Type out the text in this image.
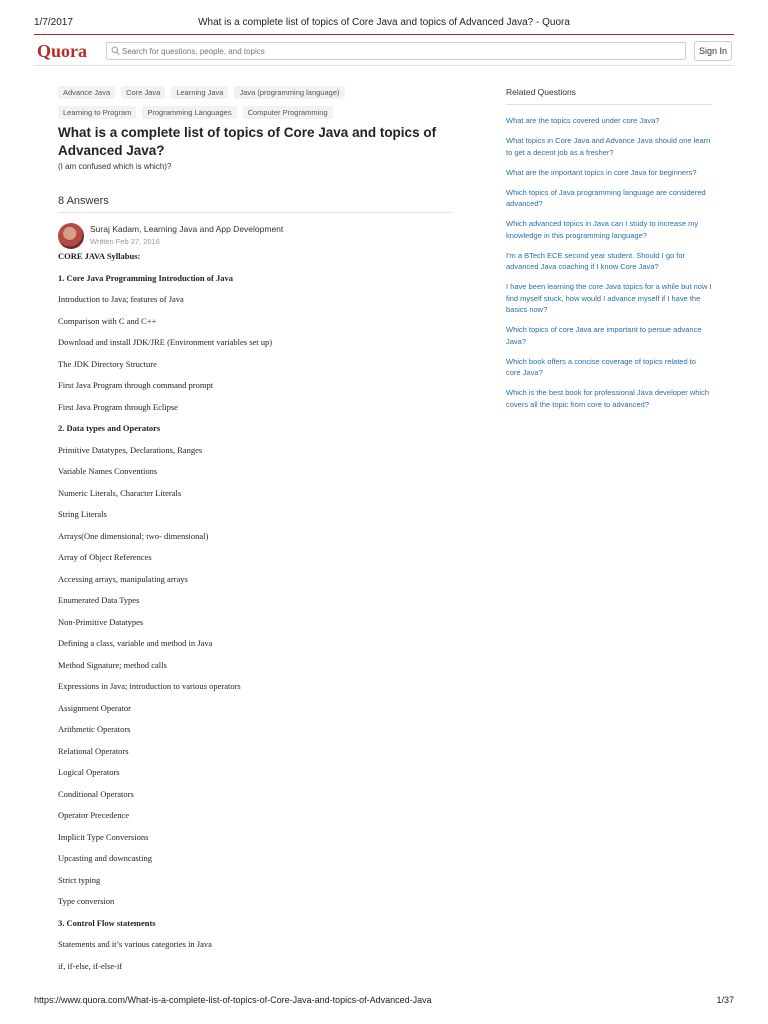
1/7/2017	What is a complete list of topics of Core Java and topics of Advanced Java? - Quora
Quora
Search for questions, people, and topics	Sign In
Advance Java	Core Java	Learning Java	Java (programming language)
Learning to Program	Programming Languages	Computer Programming
What is a complete list of topics of Core Java and topics of Advanced Java?
(I am confused which is which)?
8 Answers
Suraj Kadam, Learning Java and App Development
Written Feb 27, 2016
CORE JAVA Syllabus:
1. Core Java Programming Introduction of Java
Introduction to Java; features of Java
Comparison with C and C++
Download and install JDK/JRE (Environment variables set up)
The JDK Directory Structure
First Java Program through command prompt
First Java Program through Eclipse
2. Data types and Operators
Primitive Datatypes, Declarations, Ranges
Variable Names Conventions
Numeric Literals, Character Literals
String Literals
Arrays(One dimensional; two- dimensional)
Array of Object References
Accessing arrays, manipulating arrays
Enumerated Data Types
Non-Primitive Datatypes
Defining a class, variable and method in Java
Method Signature; method calls
Expressions in Java; introduction to various operators
Assignment Operator
Arithmetic Operators
Relational Operators
Logical Operators
Conditional Operators
Operator Precedence
Implicit Type Conversions
Upcasting and downcasting
Strict typing
Type conversion
3. Control Flow statements
Statements and it’s various categories in Java
if, if-else, if-else-if
Related Questions
What are the topics covered under core Java?
What topics in Core Java and Advance Java should one learn to get a decent job as a fresher?
What are the important topics in core Java for beginners?
Which topics of Java programming language are considered advanced?
Which advanced topics in Java can I study to increase my knowledge in this programming language?
I'm a BTech ECE second year student. Should I go for advanced Java coaching if I know Core Java?
I have been learning the core Java topics for a while but now I find myself stuck, how would I advance myself if I have the basics now?
Which topics of core Java are important to persue advance Java?
Which book offers a concise coverage of topics related to core Java?
Which is the best book for professional Java developer which covers all the topic from core to advanced?
https://www.quora.com/What-is-a-complete-list-of-topics-of-Core-Java-and-topics-of-Advanced-Java	1/37
